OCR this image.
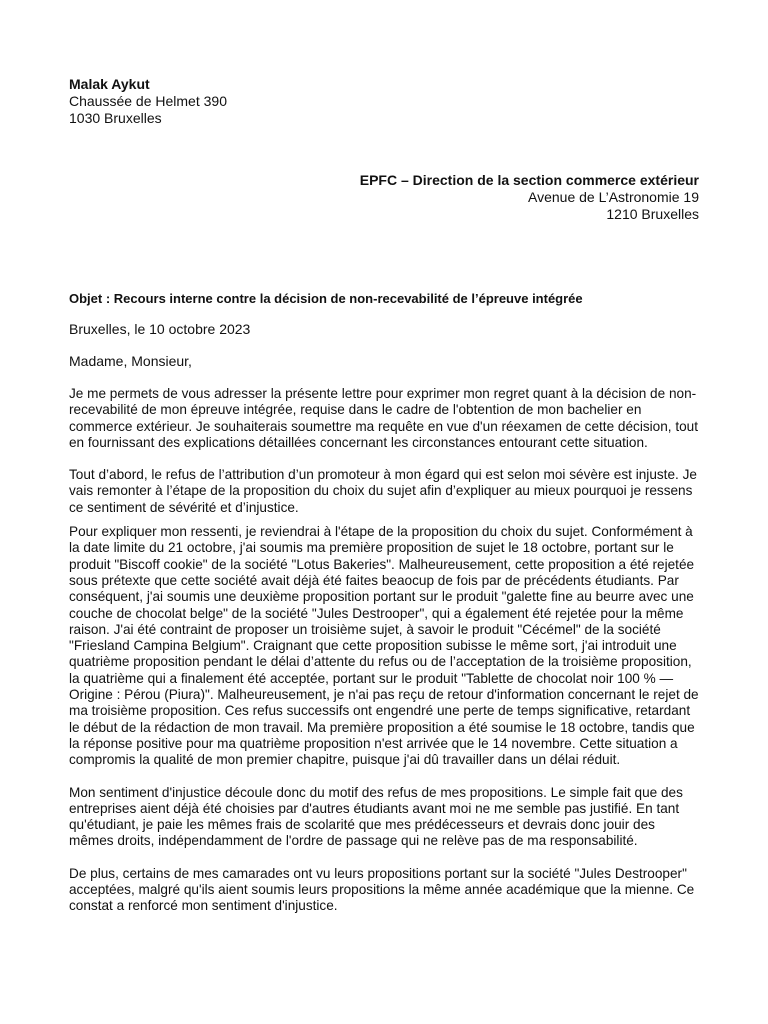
Malak Aykut
Chaussée de Helmet 390
1030 Bruxelles
EPFC – Direction de la section commerce extérieur
Avenue de L’Astronomie 19
1210 Bruxelles
Objet : Recours interne contre la décision de non-recevabilité de l’épreuve intégrée
Bruxelles, le 10 octobre 2023
Madame, Monsieur,

Je me permets de vous adresser la présente lettre pour exprimer mon regret quant à la décision de non-recevabilité de mon épreuve intégrée, requise dans le cadre de l'obtention de mon bachelier en commerce extérieur. Je souhaiterais soumettre ma requête en vue d'un réexamen de cette décision, tout en fournissant des explications détaillées concernant les circonstances entourant cette situation.

Tout d’abord, le refus de l’attribution d’un promoteur à mon égard qui est selon moi sévère est injuste. Je vais remonter à l’étape de la proposition du choix du sujet afin d’expliquer au mieux pourquoi je ressens ce sentiment de sévérité et d’injustice.

Pour expliquer mon ressenti, je reviendrai à l'étape de la proposition du choix du sujet. Conformément à la date limite du 21 octobre, j'ai soumis ma première proposition de sujet le 18 octobre, portant sur le produit "Biscoff cookie" de la société "Lotus Bakeries". Malheureusement, cette proposition a été rejetée sous prétexte que cette société avait déjà été faites beaocup de fois par de précédents étudiants. Par conséquent, j'ai soumis une deuxième proposition portant sur le produit "galette fine au beurre avec une couche de chocolat belge" de la société "Jules Destrooper", qui a également été rejetée pour la même raison. J'ai été contraint de proposer un troisième sujet, à savoir le produit "Cécémel" de la société "Friesland Campina Belgium". Craignant que cette proposition subisse le même sort, j'ai introduit une quatrième proposition pendant le délai d’attente du refus ou de l’acceptation de la troisième proposition, la quatrième qui a finalement été acceptée, portant sur le produit "Tablette de chocolat noir 100 % — Origine : Pérou (Piura)". Malheureusement, je n'ai pas reçu de retour d'information concernant le rejet de ma troisième proposition. Ces refus successifs ont engendré une perte de temps significative, retardant le début de la rédaction de mon travail. Ma première proposition a été soumise le 18 octobre, tandis que la réponse positive pour ma quatrième proposition n'est arrivée que le 14 novembre. Cette situation a compromis la qualité de mon premier chapitre, puisque j'ai dû travailler dans un délai réduit.

Mon sentiment d'injustice découle donc du motif des refus de mes propositions. Le simple fait que des entreprises aient déjà été choisies par d'autres étudiants avant moi ne me semble pas justifié. En tant qu'étudiant, je paie les mêmes frais de scolarité que mes prédécesseurs et devrais donc jouir des mêmes droits, indépendamment de l'ordre de passage qui ne relève pas de ma responsabilité.

De plus, certains de mes camarades ont vu leurs propositions portant sur la société "Jules Destrooper" acceptées, malgré qu'ils aient soumis leurs propositions la même année académique que la mienne. Ce constat a renforcé mon sentiment d'injustice.
